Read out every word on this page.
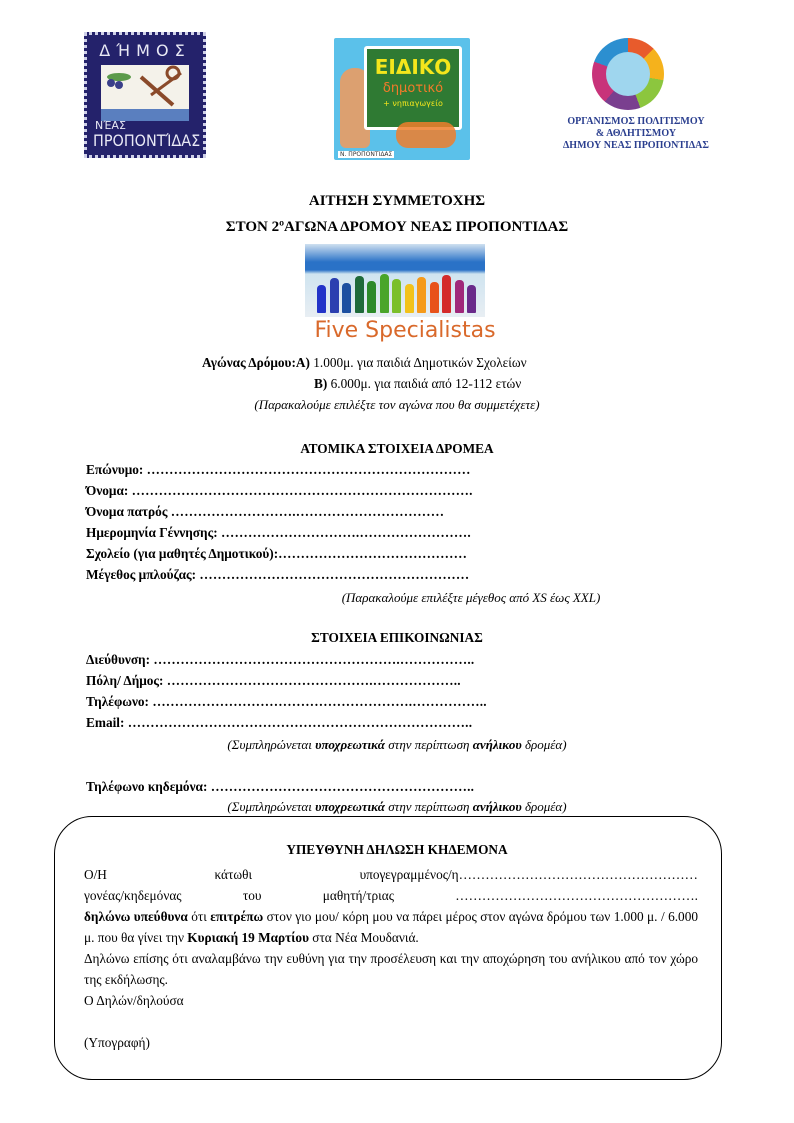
ΔΉΜΟΣ
ΝΈΑΣ
ΠΡΟΠΟΝΤΊΔΑΣ
ΕΙΔΙΚΟ
δημοτικό
+ νηπιαγωγείο
Ν. ΠΡΟΠΟΝΤΙΔΑΣ
ΟΡΓΑΝΙΣΜΟΣ ΠΟΛΙΤΙΣΜΟΥ
& ΑΘΛΗΤΙΣΜΟΥ
ΔΗΜΟΥ ΝΕΑΣ ΠΡΟΠΟΝΤΙΔΑΣ
ΑΙΤΗΣΗ ΣΥΜΜΕΤΟΧΗΣ
ΣΤΟΝ 2ºΑΓΩΝΑ ΔΡΟΜΟΥ ΝΕΑΣ ΠΡΟΠΟΝΤΙΔΑΣ
Five Specialistas
Αγώνας Δρόμου:Α) 1.000μ. για παιδιά Δημοτικών Σχολείων
Β) 6.000μ. για παιδιά από 12-112 ετών
(Παρακαλούμε επιλέξτε τον αγώνα που θα συμμετέχετε)
ΑΤΟΜΙΚΑ ΣΤΟΙΧΕΙΑ ΔΡΟΜΕΑ
Επώνυμο: ………………………………………………………………
Όνομα: ………………………………………………………………….
Όνομα πατρός ……………………….……………………………
Ημερομηνία Γέννησης: ………………………….…………………….
Σχολείο (για μαθητές Δημοτικού):……………………………………
Μέγεθος μπλούζας: ……………………………………………………
(Παρακαλούμε επιλέξτε μέγεθος από XS έως XXL)
ΣΤΟΙΧΕΙΑ ΕΠΙΚΟΙΝΩΝΙΑΣ
Διεύθυνση: ……………………………………………….……………..
Πόλη/ Δήμος: ……………………………………….………………..
Τηλέφωνο: ………………………………………………….……………..
Email: …………………………………………………………………..
(Συμπληρώνεται υποχρεωτικά στην περίπτωση ανήλικου δρομέα)
Τηλέφωνο κηδεμόνα: …………………………………………………..
(Συμπληρώνεται υποχρεωτικά στην περίπτωση ανήλικου δρομέα)
ΥΠΕΥΘΥΝΗ ΔΗΛΩΣΗ ΚΗΔΕΜΟΝΑ
Ο/Η	κάτωθι	υπογεγραμμένος/η………………………………………………
γονέας/κηδεμόνας	του	μαθητή/τριας	……………………………………………….
δηλώνω υπεύθυνα ότι επιτρέπω στον γιο μου/ κόρη μου να πάρει μέρος στον αγώνα δρόμου των 1.000 μ. / 6.000 μ. που θα γίνει την Κυριακή 19 Μαρτίου στα Νέα Μουδανιά.
Δηλώνω επίσης ότι αναλαμβάνω την ευθύνη για την προσέλευση και την αποχώρηση του ανήλικου από τον χώρο της εκδήλωσης.
Ο Δηλών/δηλούσα
(Υπογραφή)
